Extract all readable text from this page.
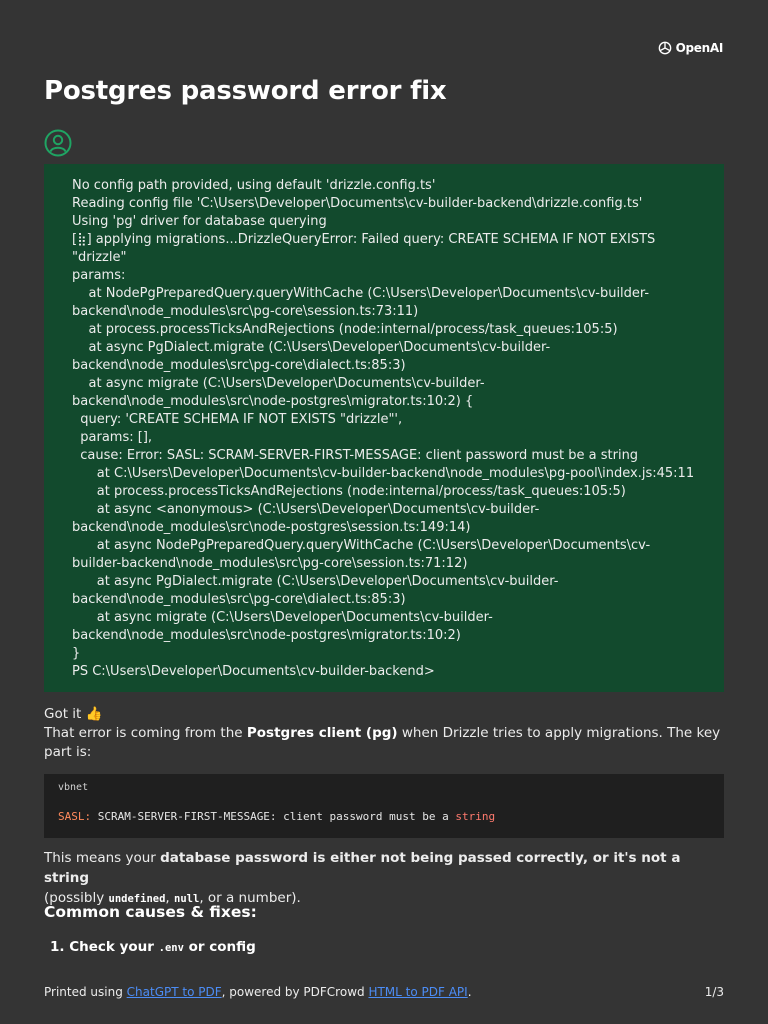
OpenAI
Postgres password error fix
No config path provided, using default 'drizzle.config.ts'
Reading config file 'C:\Users\Developer\Documents\cv-builder-backend\drizzle.config.ts'
Using 'pg' driver for database querying
[⣷] applying migrations...DrizzleQueryError: Failed query: CREATE SCHEMA IF NOT EXISTS
"drizzle"
params:
at NodePgPreparedQuery.queryWithCache (C:\Users\Developer\Documents\cv-builder-
backend\node_modules\src\pg-core\session.ts:73:11)
at process.processTicksAndRejections (node:internal/process/task_queues:105:5)
at async PgDialect.migrate (C:\Users\Developer\Documents\cv-builder-
backend\node_modules\src\pg-core\dialect.ts:85:3)
at async migrate (C:\Users\Developer\Documents\cv-builder-
backend\node_modules\src\node-postgres\migrator.ts:10:2) {
query: 'CREATE SCHEMA IF NOT EXISTS "drizzle"',
params: [],
cause: Error: SASL: SCRAM-SERVER-FIRST-MESSAGE: client password must be a string
at C:\Users\Developer\Documents\cv-builder-backend\node_modules\pg-pool\index.js:45:11
at process.processTicksAndRejections (node:internal/process/task_queues:105:5)
at async <anonymous> (C:\Users\Developer\Documents\cv-builder-
backend\node_modules\src\node-postgres\session.ts:149:14)
at async NodePgPreparedQuery.queryWithCache (C:\Users\Developer\Documents\cv-
builder-backend\node_modules\src\pg-core\session.ts:71:12)
at async PgDialect.migrate (C:\Users\Developer\Documents\cv-builder-
backend\node_modules\src\pg-core\dialect.ts:85:3)
at async migrate (C:\Users\Developer\Documents\cv-builder-
backend\node_modules\src\node-postgres\migrator.ts:10:2)
}
PS C:\Users\Developer\Documents\cv-builder-backend>
Got it 👍
That error is coming from the Postgres client (pg) when Drizzle tries to apply migrations. The key part is:
vbnet
SASL: SCRAM-SERVER-FIRST-MESSAGE: client password must be a string
This means your database password is either not being passed correctly, or it's not a string
(possibly undefined, null, or a number).
Common causes & fixes:
1. Check your .env or config
Printed using ChatGPT to PDF, powered by PDFCrowd HTML to PDF API.	1/3
